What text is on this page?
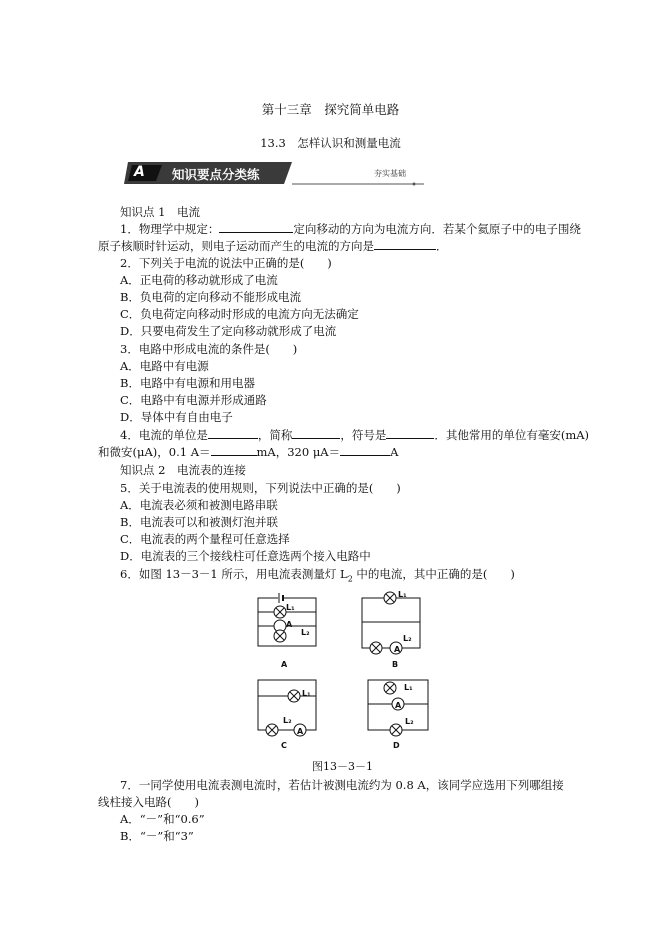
第十三章　探究简单电路
13.3　怎样认识和测量电流
A 知识要点分类练	夯实基础
知识点 1　电流
1．物理学中规定：	定向移动的方向为电流方向．若某个氦原子中的电子围绕
原子核顺时针运动，则电子运动而产生的电流的方向是	．
2．下列关于电流的说法中正确的是(　　)
A．正电荷的移动就形成了电流
B．负电荷的定向移动不能形成电流
C．负电荷定向移动时形成的电流方向无法确定
D．只要电荷发生了定向移动就形成了电流
3．电路中形成电流的条件是(　　)
A．电路中有电源
B．电路中有电源和用电器
C．电路中有电源并形成通路
D．导体中有自由电子
4．电流的单位是	，简称	，符号是	．其他常用的单位有毫安(mA)
和微安(μA)，0.1 A＝	mA，320 μA＝	A
知识点 2　电流表的连接
5．关于电流表的使用规则，下列说法中正确的是(　　)
A．电流表必须和被测电路串联
B．电流表可以和被测灯泡并联
C．电流表的两个量程可任意选择
D．电流表的三个接线柱可任意选两个接入电路中
6．如图 13－3－1 所示，用电流表测量灯 $L_2$ 中的电流，其中正确的是(　　)
A
L₂
L₁
A
L₁
L₂
A
L₂
L₁
A
L₁
L₂
A	B
C	D
图13－3－1
7．一同学使用电流表测电流时，若估计被测电流约为 0.8 A，该同学应选用下列哪组接
线柱接入电路(　　)
A．“－”和“0.6”
B．“－”和“3”
